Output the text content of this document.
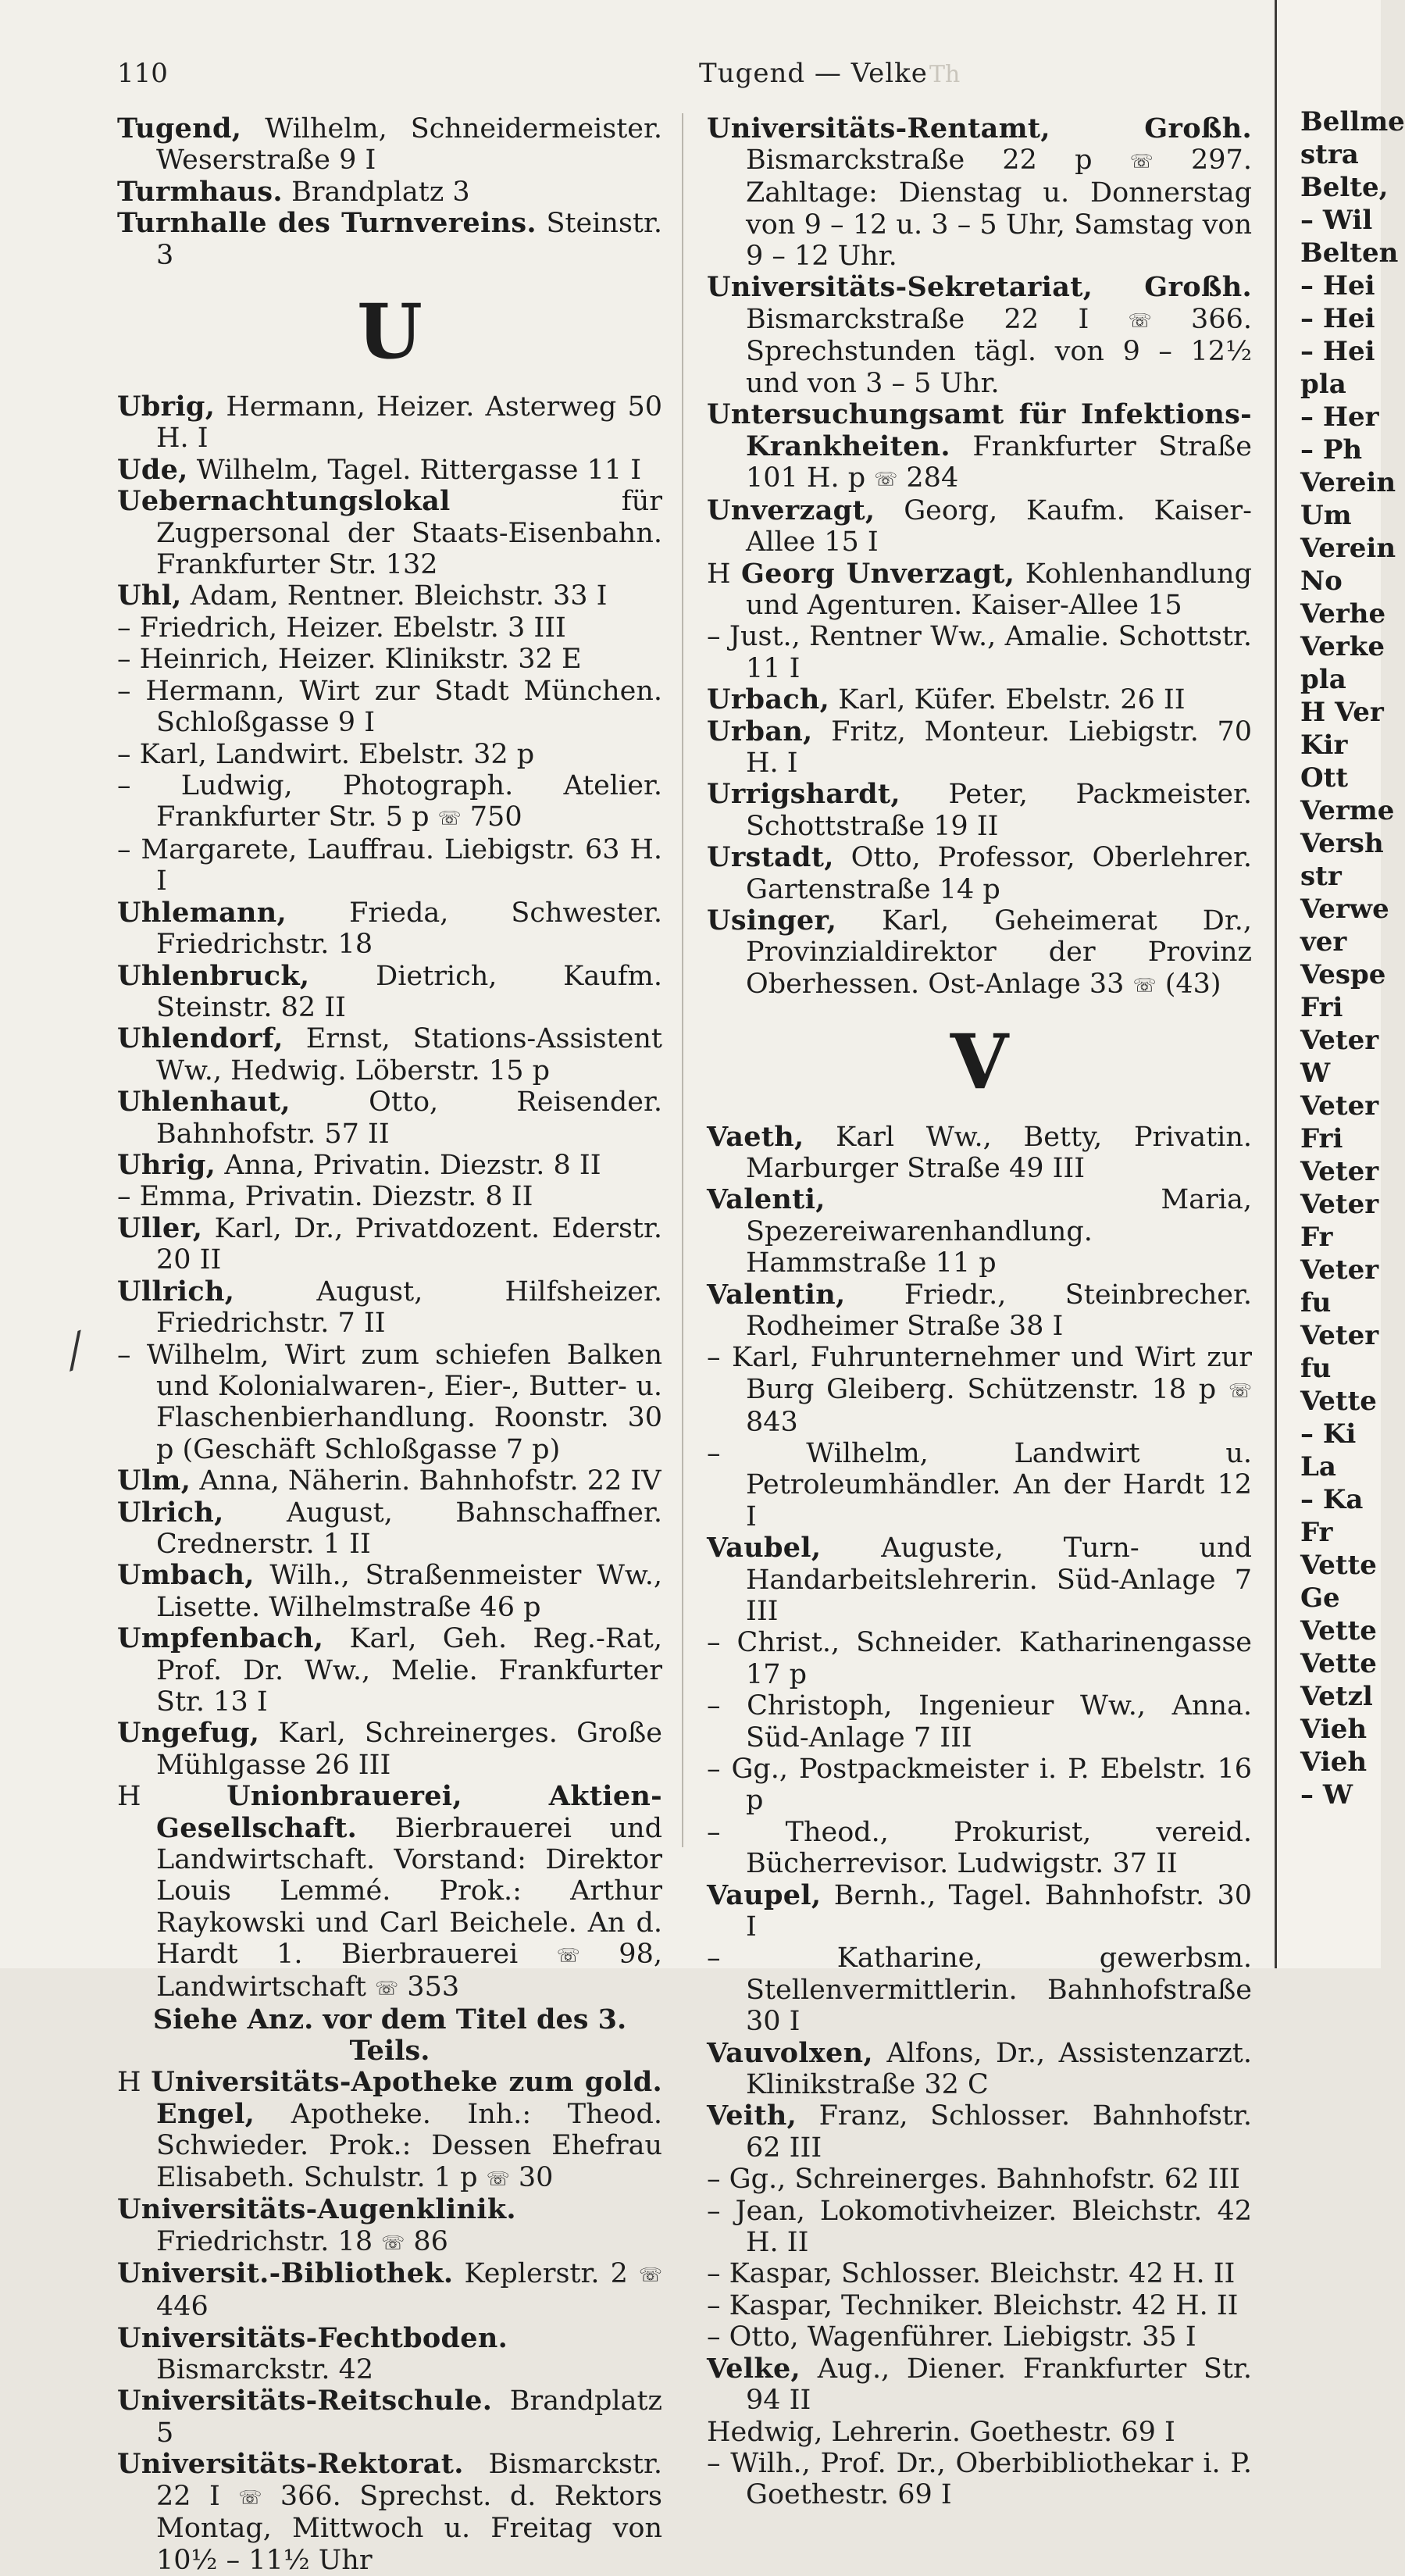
110	Tugend — Velke Th
Tugend, Wilhelm, Schneidermeister. Weserstraße 9 I
Turmhaus. Brandplatz 3
Turnhalle des Turnvereins. Steinstr. 3
U
Ubrig, Hermann, Heizer. Asterweg 50 H. I
Ude, Wilhelm, Tagel. Rittergasse 11 I
Uebernachtungslokal	für Zugpersonal der Staats-Eisenbahn. Frankfurter Str. 132
Uhl, Adam, Rentner. Bleichstr. 33 I
– Friedrich, Heizer. Ebelstr. 3 III
– Heinrich, Heizer. Klinikstr. 32 E
– Hermann, Wirt zur Stadt München. Schloßgasse 9 I
– Karl, Landwirt. Ebelstr. 32 p
– Ludwig, Photograph. Atelier. Frankfurter Str. 5 p ☏ 750
– Margarete, Lauffrau. Liebigstr. 63 H. I
Uhlemann, Frieda, Schwester. Friedrichstr. 18
Uhlenbruck, Dietrich, Kaufm. Steinstr. 82 II
Uhlendorf, Ernst, Stations-Assistent Ww., Hedwig. Löberstr. 15 p
Uhlenhaut,	Otto, Reisender. Bahnhofstr. 57 II
Uhrig, Anna, Privatin. Diezstr. 8 II
– Emma, Privatin. Diezstr. 8 II
Uller, Karl, Dr., Privatdozent. Ederstr. 20 II
Ullrich,	August, Hilfsheizer. Friedrichstr. 7 II
– Wilhelm, Wirt zum schiefen Balken und Kolonialwaren-, Eier-, Butter- u. Flaschenbierhandlung. Roonstr. 30 p (Geschäft Schloßgasse 7 p)
Ulm, Anna, Näherin. Bahnhofstr. 22 IV
Ulrich, August, Bahnschaffner. Crednerstr. 1 II
Umbach, Wilh., Straßenmeister Ww., Lisette. Wilhelmstraße 46 p
Umpfenbach, Karl, Geh. Reg.-Rat, Prof. Dr. Ww., Melie. Frankfurter Str. 13 I
Ungefug, Karl, Schreinerges. Große Mühlgasse 26 III
H	Unionbrauerei, Aktien-Gesellschaft. Bierbrauerei und Landwirtschaft. Vorstand: Direktor Louis Lemmé. Prok.: Arthur Raykowski und Carl Beichele. An d. Hardt 1. Bierbrauerei ☏ 98, Landwirtschaft ☏ 353
Siehe Anz. vor dem Titel des 3. Teils.
H Universitäts-Apotheke zum gold. Engel, Apotheke. Inh.: Theod. Schwieder. Prok.: Dessen Ehefrau Elisabeth. Schulstr. 1 p ☏ 30
Universitäts-Augenklinik. Friedrichstr. 18 ☏ 86
Universit.-Bibliothek. Keplerstr. 2 ☏ 446
Universitäts-Fechtboden. Bismarckstr. 42
Universitäts-Reitschule. Brandplatz 5
Universitäts-Rektorat. Bismarckstr. 22 I ☏ 366. Sprechst. d. Rektors Montag, Mittwoch u. Freitag von 10½ – 11½ Uhr
Universitäts-Rentamt, Großh. Bismarckstraße 22 p ☏ 297. Zahltage: Dienstag u. Donnerstag von 9 – 12 u. 3 – 5 Uhr, Samstag von 9 – 12 Uhr.
Universitäts-Sekretariat, Großh. Bismarckstraße 22 I ☏ 366. Sprechstunden tägl. von 9 – 12½ und von 3 – 5 Uhr.
Untersuchungsamt für Infektions-Krankheiten. Frankfurter Straße 101 H. p ☏ 284
Unverzagt, Georg, Kaufm. Kaiser-Allee 15 I
H Georg Unverzagt, Kohlenhandlung und Agenturen. Kaiser-Allee 15
– Just., Rentner Ww., Amalie. Schottstr. 11 I
Urbach, Karl, Küfer. Ebelstr. 26 II
Urban, Fritz, Monteur. Liebigstr. 70 H. I
Urrigshardt, Peter, Packmeister. Schottstraße 19 II
Urstadt, Otto, Professor, Oberlehrer. Gartenstraße 14 p
Usinger, Karl, Geheimerat Dr., Provinzialdirektor der Provinz Oberhessen. Ost-Anlage 33 ☏ (43)
V
Vaeth, Karl Ww., Betty, Privatin. Marburger Straße 49 III
Valenti,	Maria, Spezereiwarenhandlung. Hammstraße 11 p
Valentin, Friedr., Steinbrecher. Rodheimer Straße 38 I
– Karl, Fuhrunternehmer und Wirt zur Burg Gleiberg. Schützenstr. 18 p ☏ 843
– Wilhelm, Landwirt u. Petroleumhändler. An der Hardt 12 I
Vaubel, Auguste, Turn- und Handarbeitslehrerin. Süd-Anlage 7 III
– Christ., Schneider. Katharinengasse 17 p
– Christoph, Ingenieur Ww., Anna. Süd-Anlage 7 III
– Gg., Postpackmeister i. P. Ebelstr. 16 p
– Theod., Prokurist, vereid. Bücherrevisor. Ludwigstr. 37 II
Vaupel, Bernh., Tagel. Bahnhofstr. 30 I
– Katharine, gewerbsm. Stellenvermittlerin. Bahnhofstraße 30 I
Vauvolxen, Alfons, Dr., Assistenzarzt. Klinikstraße 32 C
Veith, Franz, Schlosser. Bahnhofstr. 62 III
– Gg., Schreinerges. Bahnhofstr. 62 III
– Jean, Lokomotivheizer. Bleichstr. 42 H. II
– Kaspar, Schlosser. Bleichstr. 42 H. II
– Kaspar, Techniker. Bleichstr. 42 H. II
– Otto, Wagenführer. Liebigstr. 35 I
Velke, Aug., Diener. Frankfurter Str. 94 II
Hedwig, Lehrerin. Goethestr. 69 I
– Wilh., Prof. Dr., Oberbibliothekar i. P. Goethestr. 69 I
⁄
Bellme
stra
Belte,
– Wil
Belten
– Hei
– Hei
– Hei
pla
– Her
– Ph
Verein
Um
Verein
No
Verhe
Verke
pla
H Ver
Kir
Ott
Verme
Versh
str
Verwe
ver
Vespe
Fri
Veter
W
Veter
Fri
Veter
Veter
Fr
Veter
fu
Veter
fu
Vette
– Ki
La
– Ka
Fr
Vette
Ge
Vette
Vette
Vetzl
Vieh
Vieh
– W
